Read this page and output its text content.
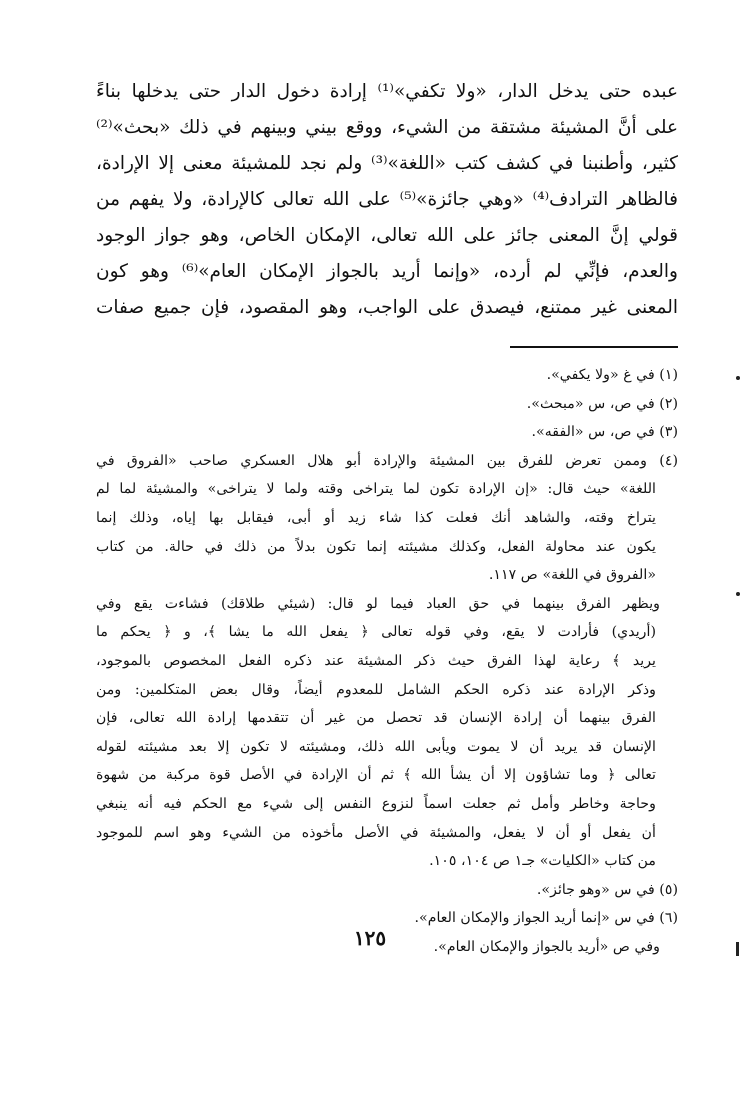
عبده حتى يدخل الدار، «ولا تكفي»⁽¹⁾ إرادة دخول الدار حتى يدخلها بناءً
على أنَّ المشيئة مشتقة من الشيء، ووقع بيني وبينهم في ذلك «بحث»⁽²⁾
كثير، وأطنبنا في كشف كتب «اللغة»⁽³⁾ ولم نجد للمشيئة معنى إلا الإرادة،
فالظاهر الترادف⁽⁴⁾ «وهي جائزة»⁽⁵⁾ على الله تعالى كالإرادة، ولا يفهم من
قولي إنَّ المعنى جائز على الله تعالى، الإمكان الخاص، وهو جواز الوجود
والعدم، فإنِّي لم أرده، «وإنما أريد بالجواز الإمكان العام»⁽⁶⁾ وهو كون
المعنى غير ممتنع، فيصدق على الواجب، وهو المقصود، فإن جميع صفات
(١) في غ «ولا يكفي».
(٢) في ص، س «مبحث».
(٣) في ص، س «الفقه».
(٤) وممن تعرض للفرق بين المشيئة والإرادة أبو هلال العسكري صاحب «الفروق في
اللغة» حيث قال: «إن الإرادة تكون لما يتراخى وقته ولما لا يتراخى» والمشيئة لما لم
يتراخ وقته، والشاهد أنك فعلت كذا شاء زيد أو أبى، فيقابل بها إياه، وذلك إنما
يكون عند محاولة الفعل، وكذلك مشيئته إنما تكون بدلاً من ذلك في حالة. من كتاب
«الفروق في اللغة» ص ١١٧.
ويظهر الفرق بينهما في حق العباد فيما لو قال: (شيئي طلاقك) فشاءت يقع وفي
(أريدي) فأرادت لا يقع، وفي قوله تعالى ﴿ يفعل الله ما يشا ﴾، و ﴿ يحكم ما
يريد ﴾ رعاية لهذا الفرق حيث ذكر المشيئة عند ذكره الفعل المخصوص بالموجود،
وذكر الإرادة عند ذكره الحكم الشامل للمعدوم أيضاً، وقال بعض المتكلمين: ومن
الفرق بينهما أن إرادة الإنسان قد تحصل من غير أن تتقدمها إرادة الله تعالى، فإن
الإنسان قد يريد أن لا يموت ويأبى الله ذلك، ومشيئته لا تكون إلا بعد مشيئته لقوله
تعالى ﴿ وما تشاؤون إلا أن يشأ الله ﴾ ثم أن الإرادة في الأصل قوة مركبة من شهوة
وحاجة وخاطر وأمل ثم جعلت اسماً لنزوع النفس إلى شيء مع الحكم فيه أنه ينبغي
أن يفعل أو أن لا يفعل، والمشيئة في الأصل مأخوذه من الشيء وهو اسم للموجود
من كتاب «الكليات» جـ١ ص ١٠٤، ١٠٥.
(٥) في س «وهو جائز».
(٦) في س «إنما أريد الجواز والإمكان العام».
وفي ص «أريد بالجواز والإمكان العام».
١٢٥
